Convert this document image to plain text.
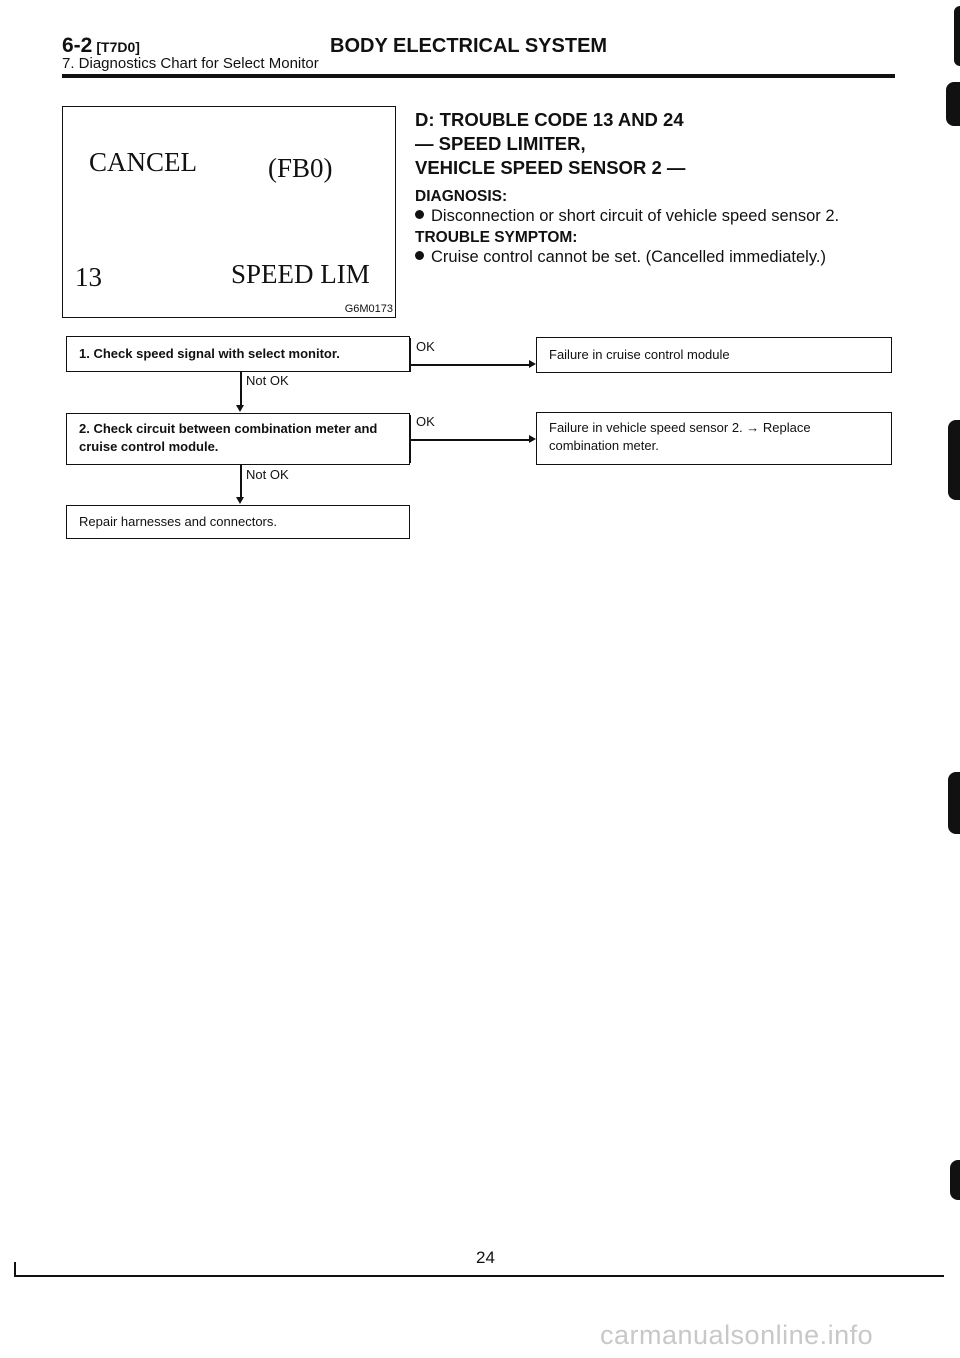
6-2 [T7D0]	BODY ELECTRICAL SYSTEM
7. Diagnostics Chart for Select Monitor
CANCEL	(FB0)
13	SPEED LIM
G6M0173
D: TROUBLE CODE 13 AND 24
— SPEED LIMITER,
VEHICLE SPEED SENSOR 2 —
DIAGNOSIS:
Disconnection or short circuit of vehicle speed sensor 2.
TROUBLE SYMPTOM:
Cruise control cannot be set. (Cancelled immediately.)
1. Check speed signal with select monitor.
2. Check circuit between combination meter and
cruise control module.
Repair harnesses and connectors.
Failure in cruise control module
Failure in vehicle speed sensor 2. → Replace
combination meter.
OK
Not OK
OK
Not OK
24
carmanualsonline.info
